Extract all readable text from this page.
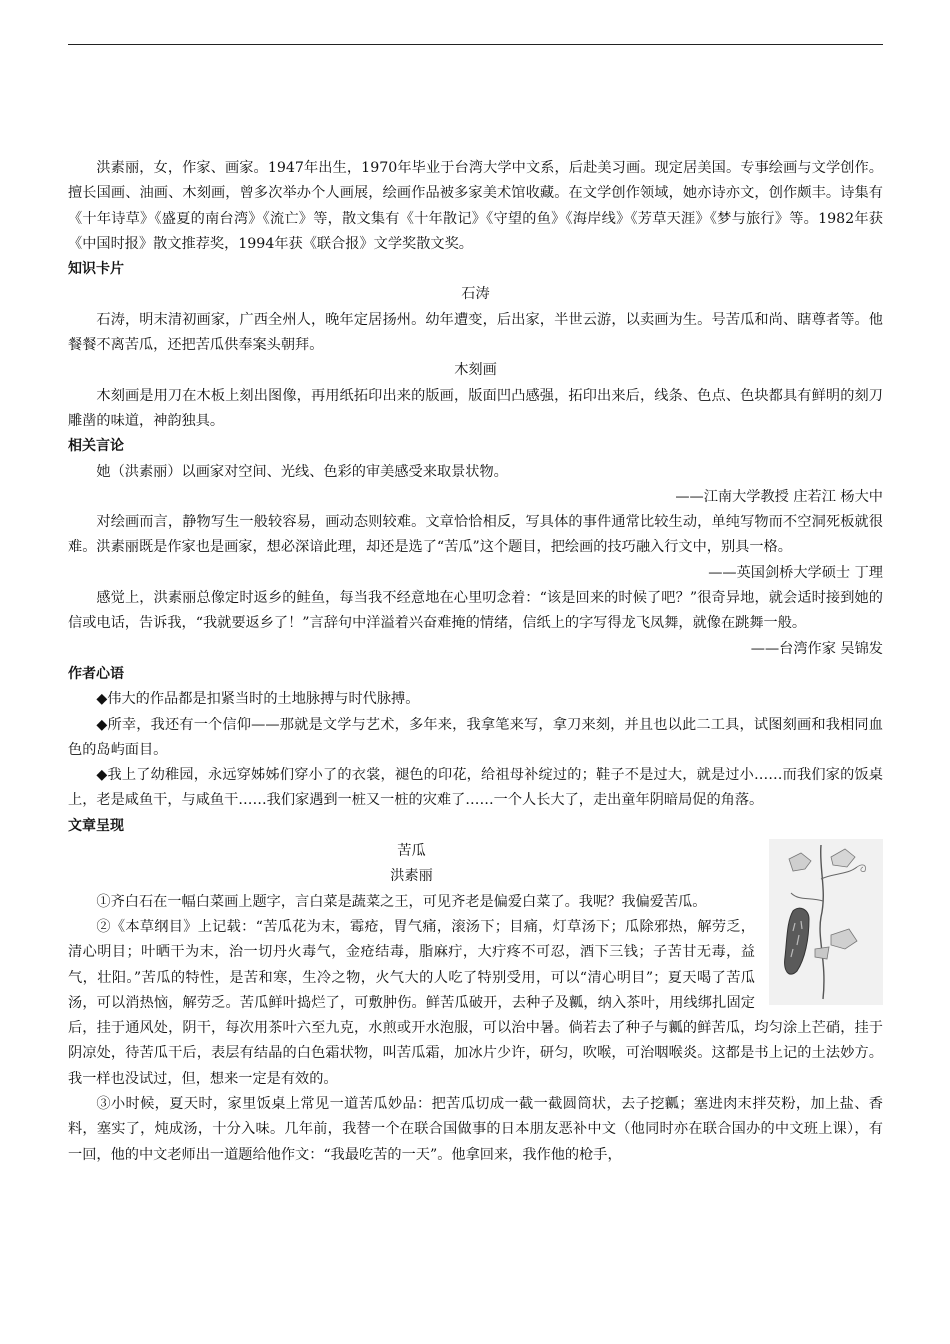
洪素丽，女，作家、画家。1947年出生，1970年毕业于台湾大学中文系，后赴美习画。现定居美国。专事绘画与文学创作。擅长国画、油画、木刻画，曾多次举办个人画展，绘画作品被多家美术馆收藏。在文学创作领域，她亦诗亦文，创作颇丰。诗集有《十年诗草》《盛夏的南台湾》《流亡》等，散文集有《十年散记》《守望的鱼》《海岸线》《芳草天涯》《梦与旅行》等。1982年获《中国时报》散文推荐奖，1994年获《联合报》文学奖散文奖。

知识卡片

石涛

石涛，明末清初画家，广西全州人，晚年定居扬州。幼年遭变，后出家，半世云游，以卖画为生。号苦瓜和尚、瞎尊者等。他餐餐不离苦瓜，还把苦瓜供奉案头朝拜。

木刻画

木刻画是用刀在木板上刻出图像，再用纸拓印出来的版画，版面凹凸感强，拓印出来后，线条、色点、色块都具有鲜明的刻刀雕凿的味道，神韵独具。

相关言论

她（洪素丽）以画家对空间、光线、色彩的审美感受来取景状物。

——江南大学教授 庄若江 杨大中

对绘画而言，静物写生一般较容易，画动态则较难。文章恰恰相反，写具体的事件通常比较生动，单纯写物而不空洞死板就很难。洪素丽既是作家也是画家，想必深谙此理，却还是选了“苦瓜”这个题目，把绘画的技巧融入行文中，别具一格。

——英国剑桥大学硕士 丁理

感觉上，洪素丽总像定时返乡的鲑鱼，每当我不经意地在心里叨念着：“该是回来的时候了吧？”很奇异地，就会适时接到她的信或电话，告诉我，“我就要返乡了！”言辞句中洋溢着兴奋难掩的情绪，信纸上的字写得龙飞凤舞，就像在跳舞一般。

——台湾作家 吴锦发

作者心语

◆伟大的作品都是扣紧当时的土地脉搏与时代脉搏。

◆所幸，我还有一个信仰——那就是文学与艺术，多年来，我拿笔来写，拿刀来刻，并且也以此二工具，试图刻画和我相同血色的岛屿面目。

◆我上了幼稚园，永远穿姊姊们穿小了的衣裳，褪色的印花，给祖母补绽过的；鞋子不是过大，就是过小……而我们家的饭桌上，老是咸鱼干，与咸鱼干……我们家遇到一桩又一桩的灾难了……一个人长大了，走出童年阴暗局促的角落。

文章呈现

苦瓜

洪素丽

①齐白石在一幅白菜画上题字，言白菜是蔬菜之王，可见齐老是偏爱白菜了。我呢？我偏爱苦瓜。

②《本草纲目》上记载：“苦瓜花为末，霉疮，胃气痛，滚汤下；目痛，灯草汤下；瓜除邪热，解劳乏，清心明目；叶晒干为末，治一切丹火毒气，金疮结毒，脂麻疔，大疔疼不可忍，酒下三钱；子苦甘无毒，益气，壮阳。”苦瓜的特性，是苦和寒，生冷之物，火气大的人吃了特别受用，可以“清心明目”；夏天喝了苦瓜汤，可以消热恼，解劳乏。苦瓜鲜叶捣烂了，可敷肿伤。鲜苦瓜破开，去种子及瓤，纳入茶叶，用线绑扎固定后，挂于通风处，阴干，每次用茶叶六至九克，水煎或开水泡服，可以治中暑。倘若去了种子与瓤的鲜苦瓜，均匀涂上芒硝，挂于阴凉处，待苦瓜干后，表层有结晶的白色霜状物，叫苦瓜霜，加冰片少许，研匀，吹喉，可治咽喉炎。这都是书上记的土法妙方。我一样也没试过，但，想来一定是有效的。

③小时候，夏天时，家里饭桌上常见一道苦瓜妙品：把苦瓜切成一截一截圆筒状，去子挖瓤；塞进肉末拌芡粉，加上盐、香料，塞实了，炖成汤，十分入味。几年前，我替一个在联合国做事的日本朋友恶补中文（他同时亦在联合国办的中文班上课），有一回，他的中文老师出一道题给他作文：“我最吃苦的一天”。他拿回来，我作他的枪手，
